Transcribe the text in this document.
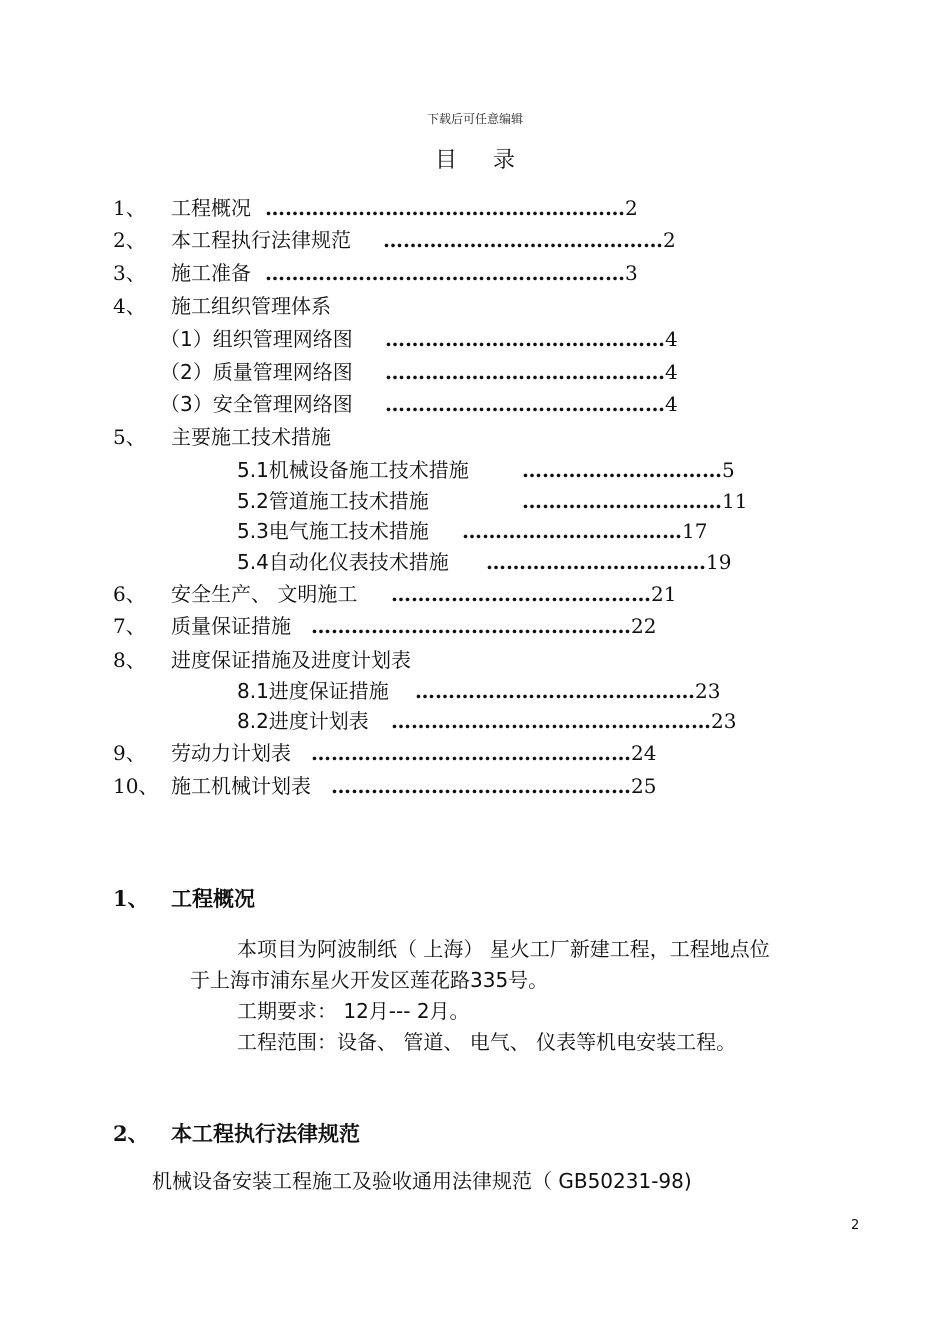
下载后可任意编辑
目 录
1、 工程概况 ………………………………………………2
2、 本工程执行法律规范 ……………………………………2
3、 施工准备 ………………………………………………3
4、 施工组织管理体系
（1）组织管理网络图 ……………………………………4
（2）质量管理网络图 ……………………………………4
（3）安全管理网络图 ……………………………………4
5、 主要施工技术措施
5.1机械设备施工技术措施	…………………………5
5.2管道施工技术措施	…………………………11
5.3电气施工技术措施 ……………………………17
5.4自动化仪表技术措施 ……………………………19
6、 安全生产、 文明施工 …………………………………21
7、 质量保证措施 …………………………………………22
8、 进度保证措施及进度计划表
8.1进度保证措施 ……………………………………23
8.2进度计划表 …………………………………………23
9、 劳动力计划表 …………………………………………24
10、 施工机械计划表 ………………………………………25
1、 工程概况
本项目为阿波制纸（ 上海） 星火工厂新建工程，工程地点位
于上海市浦东星火开发区莲花路335号。
工期要求： 12月--- 2月。
工程范围：设备、 管道、 电气、 仪表等机电安装工程。
2、 本工程执行法律规范
机械设备安装工程施工及验收通用法律规范（ GB50231-98)
2
